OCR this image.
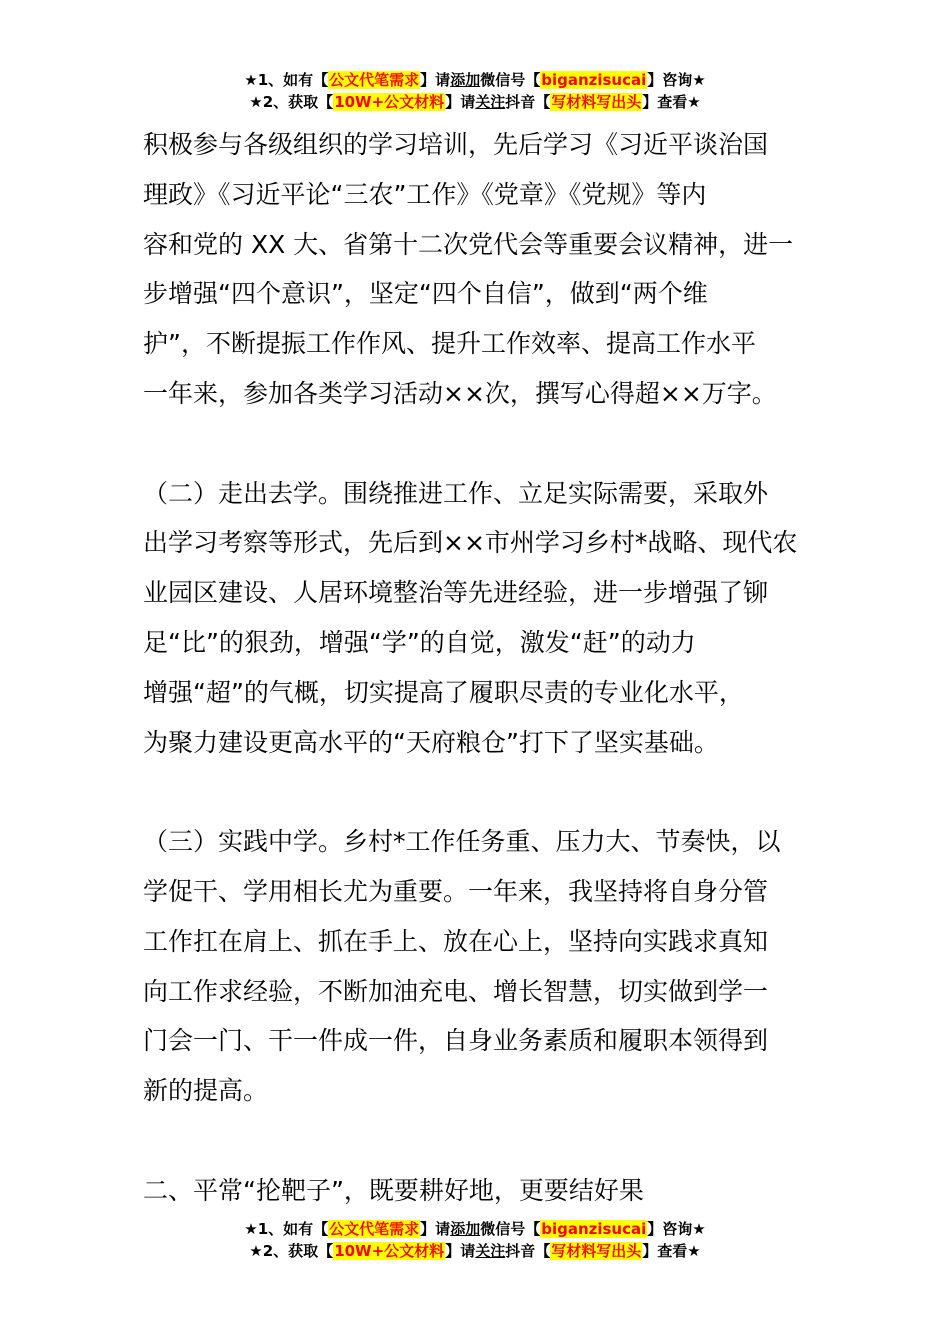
★1、如有【公文代笔需求】请添加微信号【biganzisucai】咨询★
★2、获取【10W+公文材料】请关注抖音【写材料写出头】查看★
积极参与各级组织的学习培训，先后学习《习近平谈治国
理政》《习近平论“三农”工作》《党章》《党规》等内
容和党的 XX 大、省第十二次党代会等重要会议精神，进一
步增强“四个意识”，坚定“四个自信”，做到“两个维
护”，不断提振工作作风、提升工作效率、提高工作水平
一年来，参加各类学习活动××次，撰写心得超××万字。
（二）走出去学。围绕推进工作、立足实际需要，采取外
出学习考察等形式，先后到××市州学习乡村*战略、现代农
业园区建设、人居环境整治等先进经验，进一步增强了铆
足“比”的狠劲，增强“学”的自觉，激发“赶”的动力
增强“超”的气概，切实提高了履职尽责的专业化水平，
为聚力建设更高水平的“天府粮仓”打下了坚实基础。
（三）实践中学。乡村*工作任务重、压力大、节奏快，以
学促干、学用相长尤为重要。一年来，我坚持将自身分管
工作扛在肩上、抓在手上、放在心上，坚持向实践求真知
向工作求经验，不断加油充电、增长智慧，切实做到学一
门会一门、干一件成一件，自身业务素质和履职本领得到
新的提高。
二、平常“抡靶子”，既要耕好地，更要结好果
★1、如有【公文代笔需求】请添加微信号【biganzisucai】咨询★
★2、获取【10W+公文材料】请关注抖音【写材料写出头】查看★
